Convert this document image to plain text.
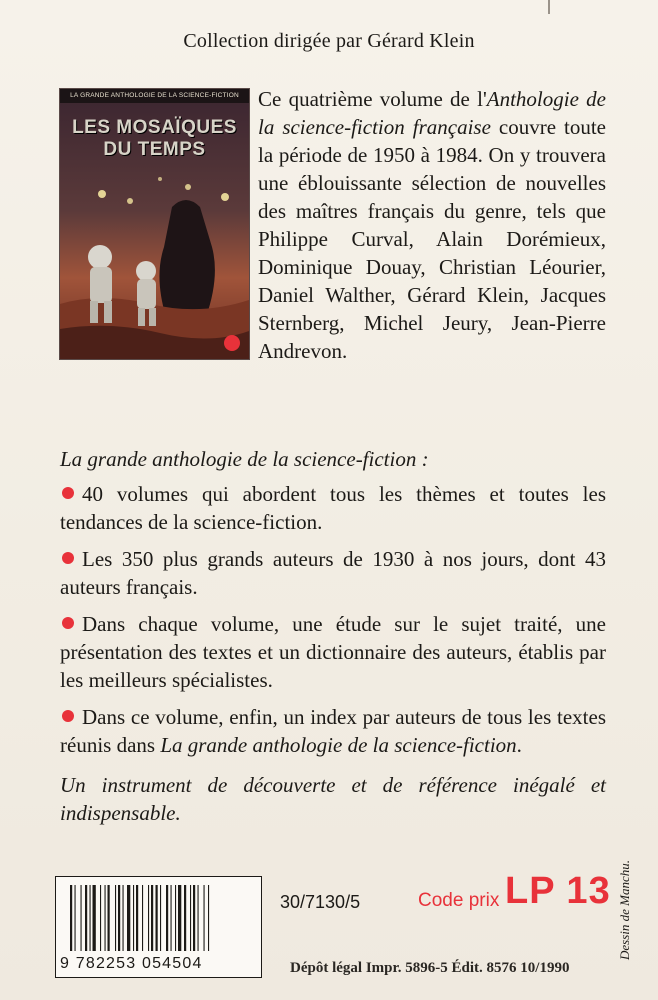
Collection dirigée par Gérard Klein
Ce quatrième volume de l'Anthologie de la science-fiction française couvre toute la période de 1950 à 1984. On y trouvera une éblouissante sélection de nouvelles des maîtres français du genre, tels que Philippe Curval, Alain Dorémieux, Dominique Douay, Christian Léourier, Daniel Walther, Gérard Klein, Jacques Sternberg, Michel Jeury, Jean-Pierre Andrevon.
LA GRANDE ANTHOLOGIE DE LA SCIENCE-FICTION
LES MOSAÏQUES
DU TEMPS
La grande anthologie de la science-fiction :
40 volumes qui abordent tous les thèmes et toutes les tendances de la science-fiction.
Les 350 plus grands auteurs de 1930 à nos jours, dont 43 auteurs français.
Dans chaque volume, une étude sur le sujet traité, une présentation des textes et un dictionnaire des auteurs, établis par les meilleurs spécialistes.
Dans ce volume, enfin, un index par auteurs de tous les textes réunis dans La grande anthologie de la science-fiction.
Un instrument de découverte et de référence inégalé et indispensable.
9 782253 054504
30/7130/5	Code prix LP 13
Dépôt légal Impr. 5896-5 Édit. 8576 10/1990
Dessin de Manchu.
